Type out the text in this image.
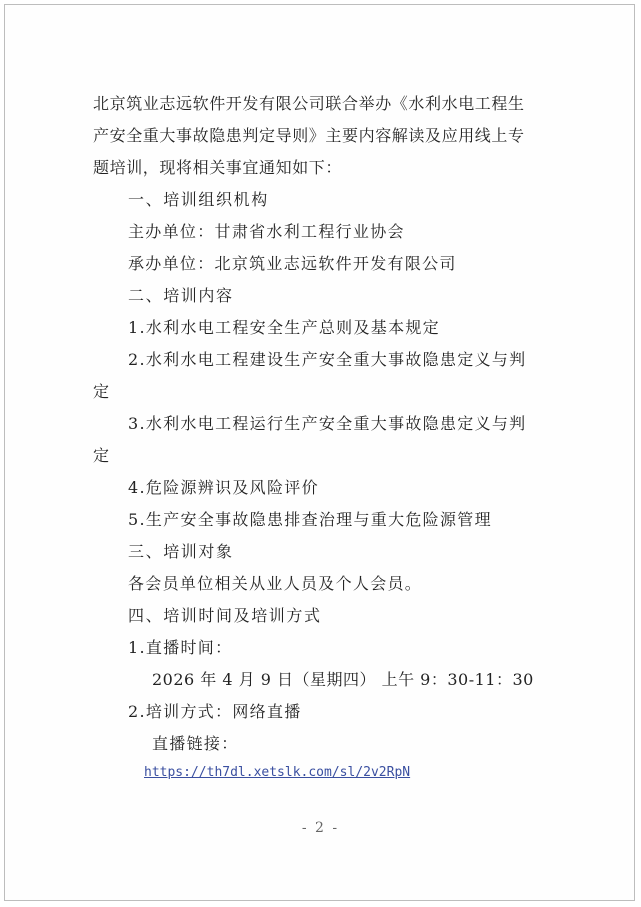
北京筑业志远软件开发有限公司联合举办《水利水电工程生
产安全重大事故隐患判定导则》主要内容解读及应用线上专
题培训，现将相关事宜通知如下：
一、培训组织机构
主办单位：甘肃省水利工程行业协会
承办单位：北京筑业志远软件开发有限公司
二、培训内容
1.水利水电工程安全生产总则及基本规定
2.水利水电工程建设生产安全重大事故隐患定义与判
定
3.水利水电工程运行生产安全重大事故隐患定义与判
定
4.危险源辨识及风险评价
5.生产安全事故隐患排查治理与重大危险源管理
三、培训对象
各会员单位相关从业人员及个人会员。
四、培训时间及培训方式
1.直播时间：
2026 年 4 月 9 日（星期四） 上午 9：30-11：30
2.培训方式：网络直播
直播链接：
https://th7dl.xetslk.com/sl/2v2RpN
- 2 -
